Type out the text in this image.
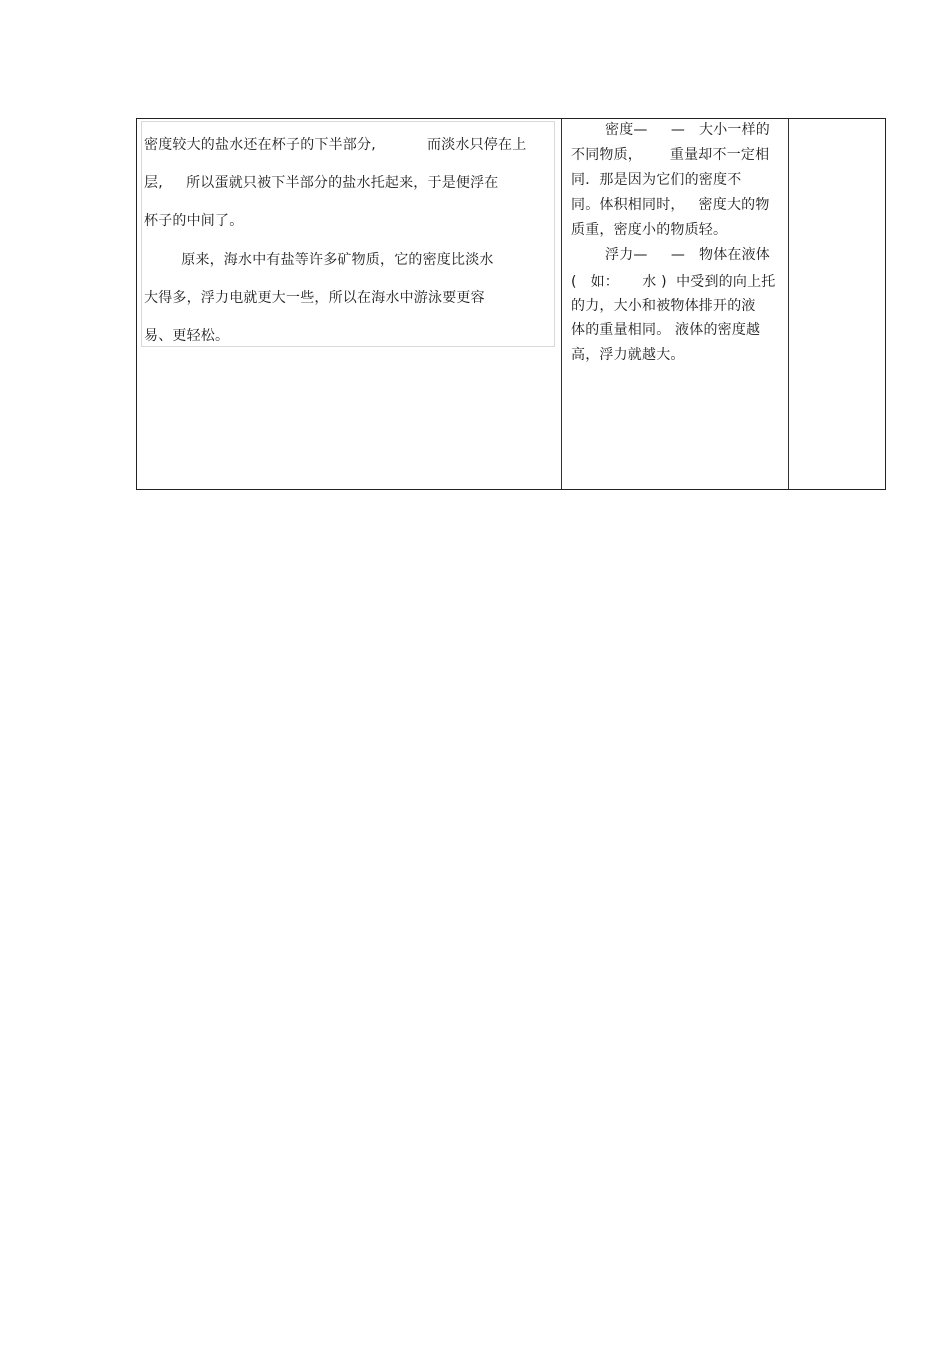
密度较大的盐水还在杯子的下半部分,           而淡水只停在上
层,     所以蛋就只被下半部分的盐水托起来，于是便浮在
杯子的中间了。
原来，海水中有盐等许多矿物质，它的密度比淡水
大得多，浮力电就更大一些，所以在海水中游泳要更容
易、更轻松。
密度—     —   大小一样的
不同物质，      重量却不一定相
同．那是因为它们的密度不
同。体积相同时，   密度大的物
质重，密度小的物质轻。
浮力—     —   物体在液体
(   如：     水 )  中受到的向上托
的力，大小和被物体排开的液
体的重量相同。 液体的密度越
高，浮力就越大。
